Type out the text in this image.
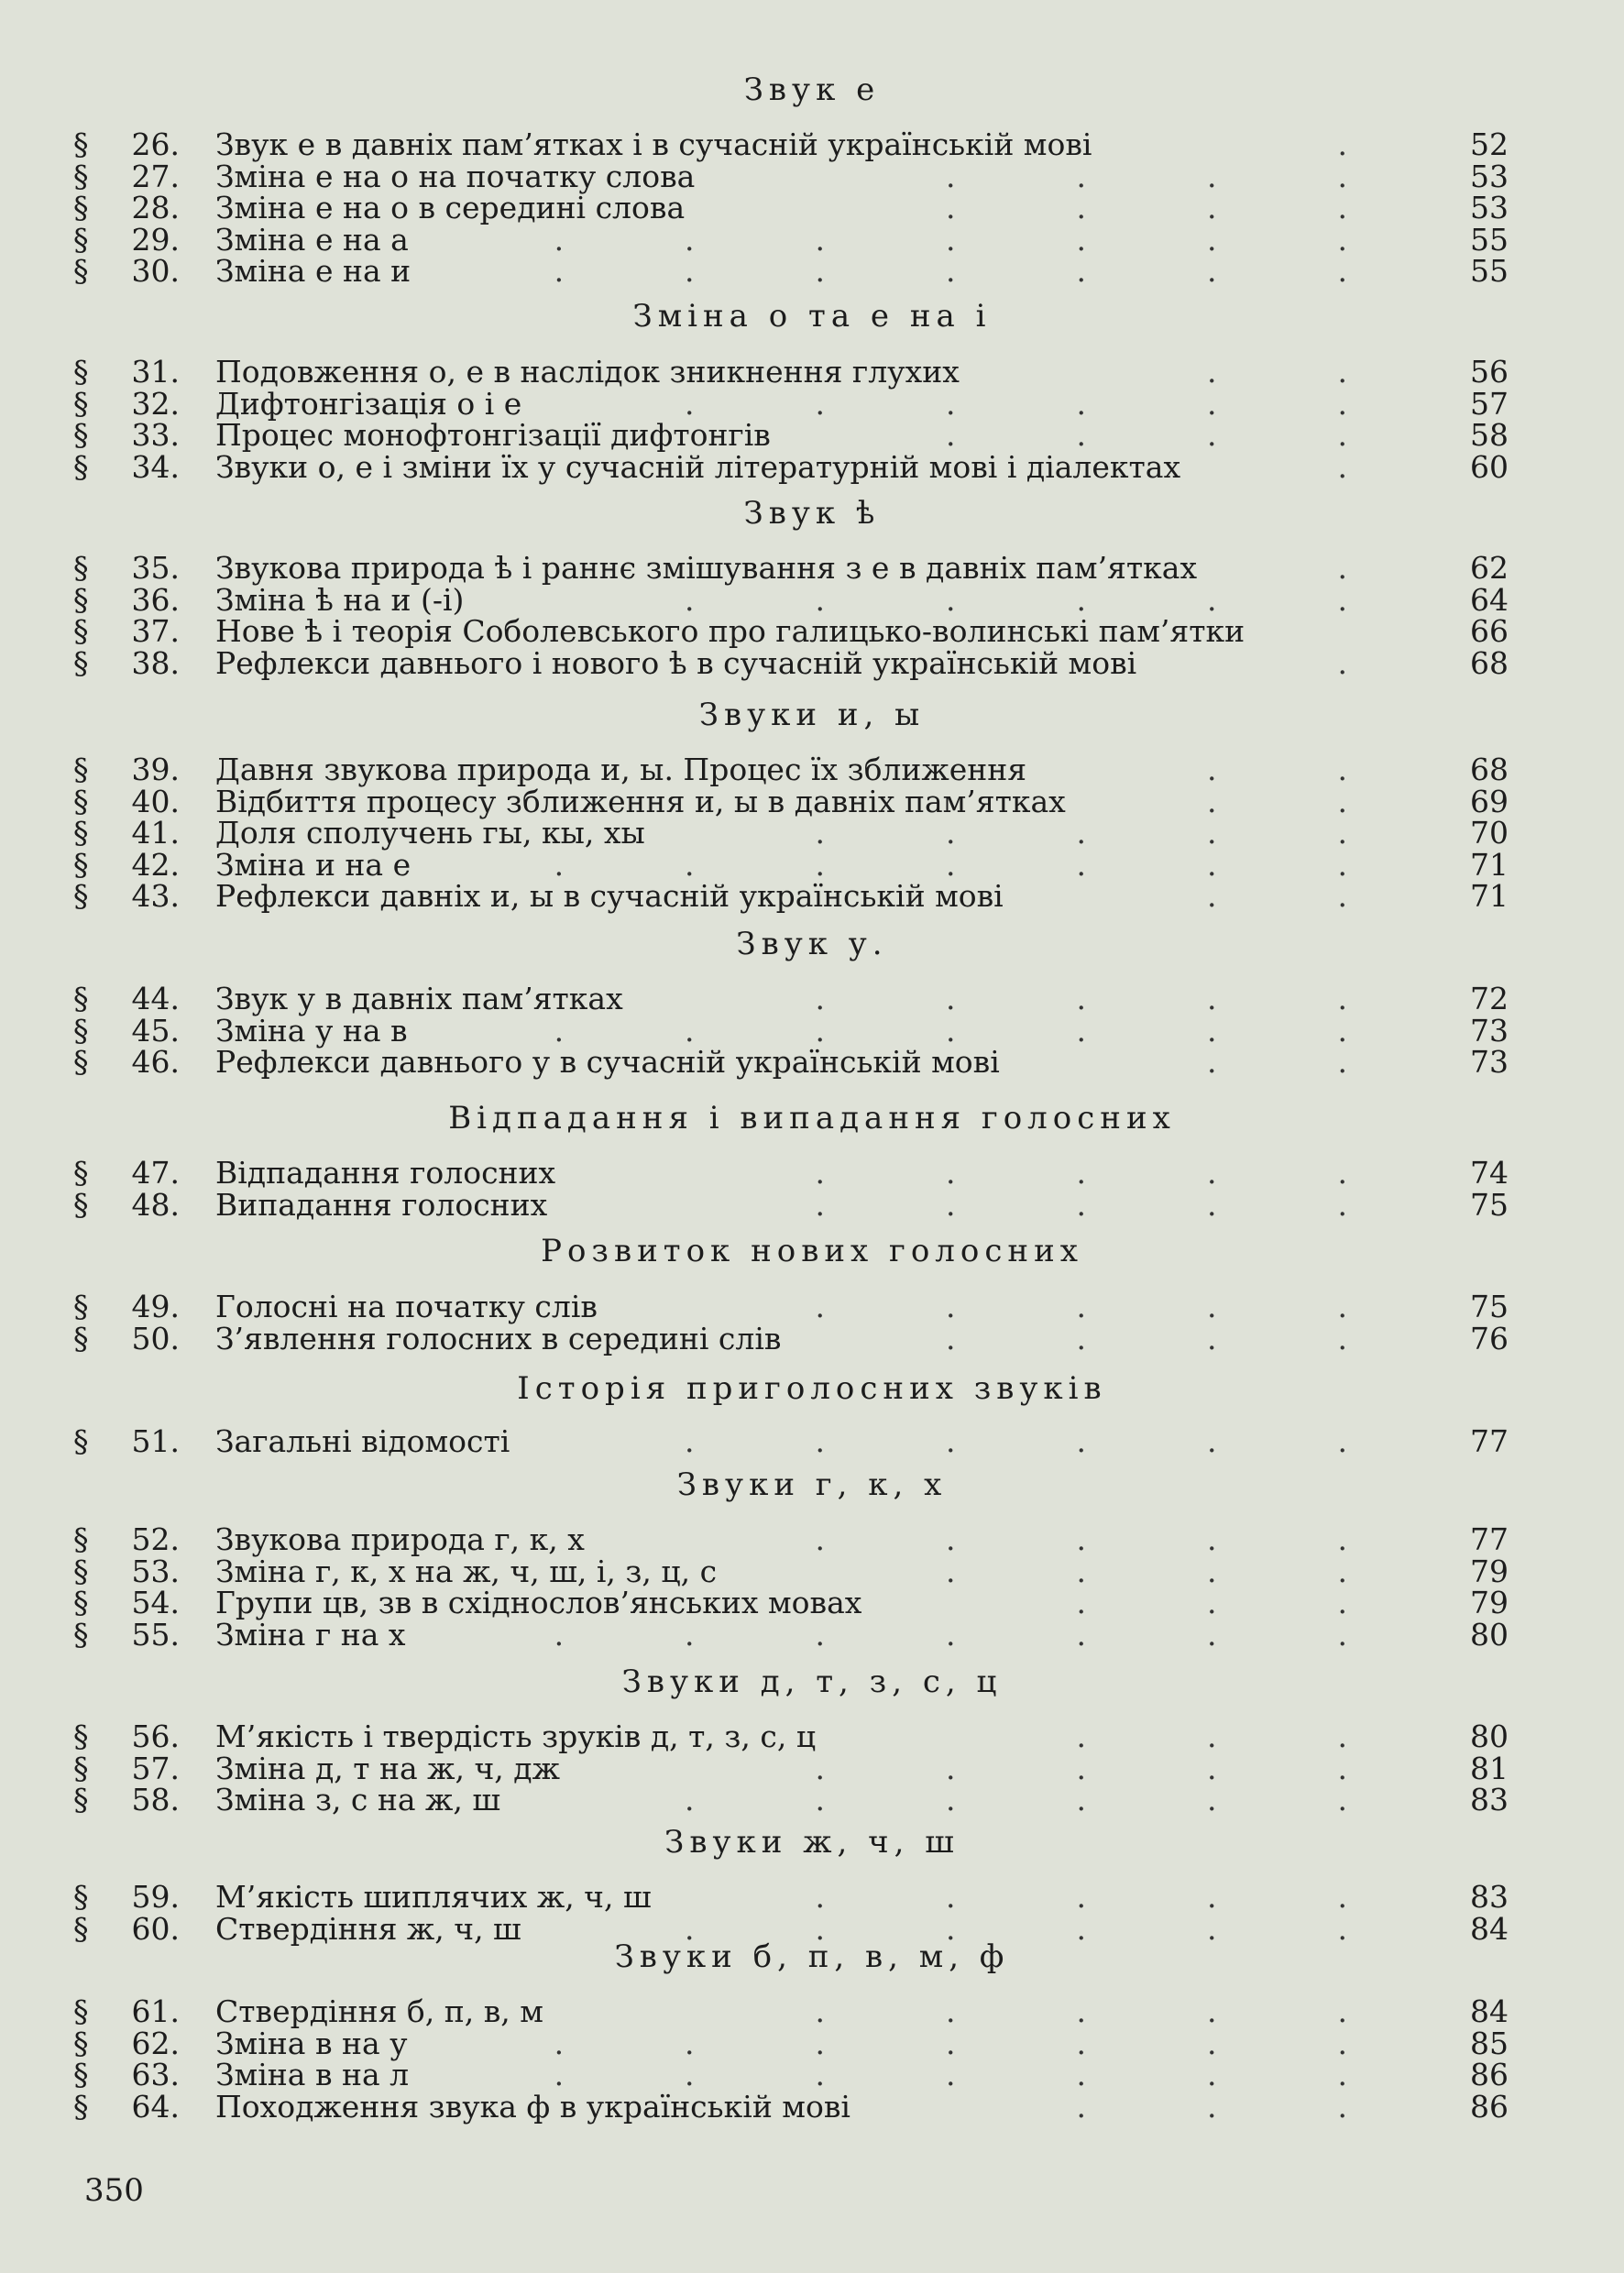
Звук е
§	26. Звук е в давніх пам’ятках і в сучасній українській мові	52
.
§	27. Зміна е на о на початку слова	53
.    .    .    .
§	28. Зміна е на о в середині слова	53
.    .    .    .
§	29. Зміна е на а	55
.    .    .    .    .    .    .
§	30. Зміна е на и	55
.    .    .    .    .    .    .
Зміна о та е на і
§	31. Подовження о, е в наслідок зникнення глухих	56
.    .
§	32. Дифтонгізація о і е	57
.    .    .    .    .    .
§	33. Процес монофтонгізації дифтонгів	58
.    .    .    .
§	34. Звуки о, е і зміни їх у сучасній літературній мові і діалектах	60
.
Звук ѣ
§	35. Звукова природа ѣ і раннє змішування з е в давніх пам’ятках	62
.
§	36. Зміна ѣ на и (-і)	64
.    .    .    .    .    .
§	37. Нове ѣ і теорія Соболевського про галицько-волинські пам’ятки	66
§	38. Рефлекси давнього і нового ѣ в сучасній українській мові	68
.
Звуки и, ы
§	39. Давня звукова природа и, ы. Процес їх зближення	68
.    .
§	40. Відбиття процесу зближення и, ы в давніх пам’ятках	69
.    .
§	41. Доля сполучень гы, кы, хы	70
.    .    .    .    .
§	42. Зміна и на е	71
.    .    .    .    .    .    .
§	43. Рефлекси давніх и, ы в сучасній українській мові	71
.    .
Звук у.
§	44. Звук у в давніх пам’ятках	72
.    .    .    .    .
§	45. Зміна у на в	73
.    .    .    .    .    .    .
§	46. Рефлекси давнього у в сучасній українській мові	73
.    .
Відпадання і випадання голосних
§	47. Відпадання голосних	74
.    .    .    .    .
§	48. Випадання голосних	75
.    .    .    .    .
Розвиток нових голосних
§	49. Голосні на початку слів	75
.    .    .    .    .
§	50. З’явлення голосних в середині слів	76
.    .    .    .
Історія приголосних звуків
§	51. Загальні відомості	77
.    .    .    .    .    .
Звуки г, к, х
§	52. Звукова природа г, к, х	77
.    .    .    .    .
§	53. Зміна г, к, х на ж, ч, ш, і, з, ц, с	79
.    .    .    .
§	54. Групи цв, зв в східнослов’янських мовах	79
.    .    .
§	55. Зміна г на х	80
.    .    .    .    .    .    .
Звуки д, т, з, с, ц
§	56. М’якість і твердість зруків д, т, з, с, ц	80
.    .    .
§	57. Зміна д, т на ж, ч, дж	81
.    .    .    .    .
§	58. Зміна з, с на ж, ш	83
.    .    .    .    .    .
Звуки ж, ч, ш
§	59. М’якість шиплячих ж, ч, ш	83
.    .    .    .    .
§	60. Ствердіння ж, ч, ш	84
.    .    .    .    .    .
Звуки б, п, в, м, ф
§	61. Ствердіння б, п, в, м	84
.    .    .    .    .
§	62. Зміна в на у	85
.    .    .    .    .    .    .
§	63. Зміна в на л	86
.    .    .    .    .    .    .
§	64. Походження звука ф в українській мові	86
.    .    .
350
